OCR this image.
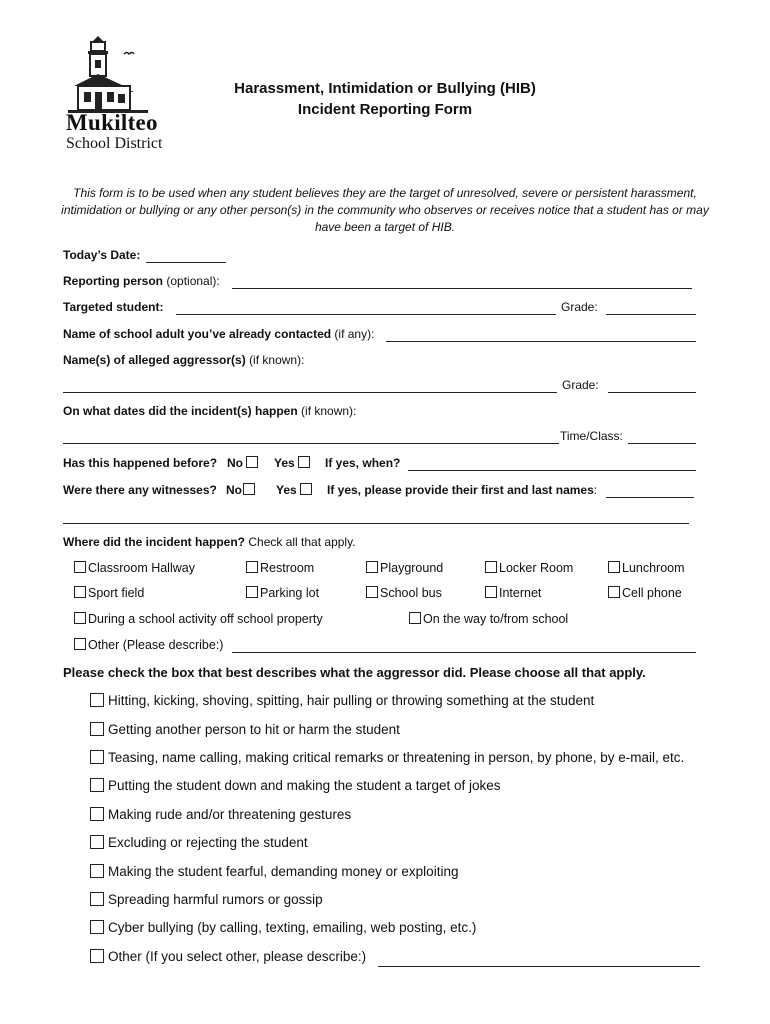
Mukilteo
School District
Harassment, Intimidation or Bullying (HIB)
Incident Reporting Form
This form is to be used when any student believes they are the target of unresolved, severe or persistent harassment, intimidation or bullying or any other person(s) in the community who observes or receives notice that a student has or may have been a target of HIB.
Today’s Date:
Reporting person (optional):
Targeted student:	Grade:
Name of school adult you’ve already contacted (if any):
Name(s) of alleged aggressor(s) (if known):
Grade:
On what dates did the incident(s) happen (if known):
Time/Class:
Has this happened before? No	Yes	If yes, when?
Were there any witnesses? No	Yes	If yes, please provide their first and last names:
Where did the incident happen? Check all that apply.
Classroom Hallway	Restroom	Playground	Locker Room	Lunchroom
Sport field	Parking lot	School bus	Internet	Cell phone
During a school activity off school property	On the way to/from school
Other (Please describe:)
Please check the box that best describes what the aggressor did. Please choose all that apply.
Hitting, kicking, shoving, spitting, hair pulling or throwing something at the student
Getting another person to hit or harm the student
Teasing, name calling, making critical remarks or threatening in person, by phone, by e-mail, etc.
Putting the student down and making the student a target of jokes
Making rude and/or threatening gestures
Excluding or rejecting the student
Making the student fearful, demanding money or exploiting
Spreading harmful rumors or gossip
Cyber bullying (by calling, texting, emailing, web posting, etc.)
Other (If you select other, please describe:)
